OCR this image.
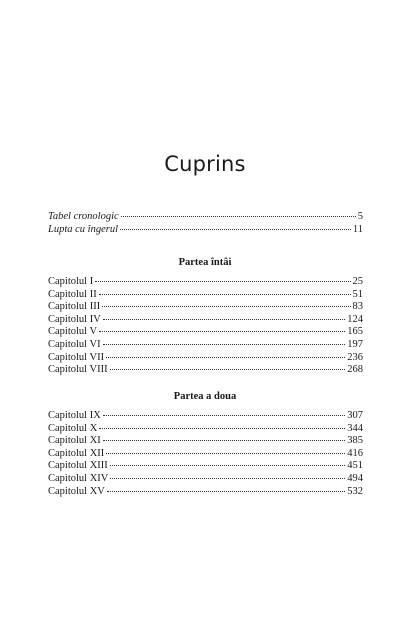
Cuprins
Tabel cronologic	5
Lupta cu îngerul	11
Partea întâi
Capitolul I	25
Capitolul II	51
Capitolul III	83
Capitolul IV	124
Capitolul V	165
Capitolul VI	197
Capitolul VII	236
Capitolul VIII	268
Partea a doua
Capitolul IX	307
Capitolul X	344
Capitolul XI	385
Capitolul XII	416
Capitolul XIII	451
Capitolul XIV	494
Capitolul XV	532
